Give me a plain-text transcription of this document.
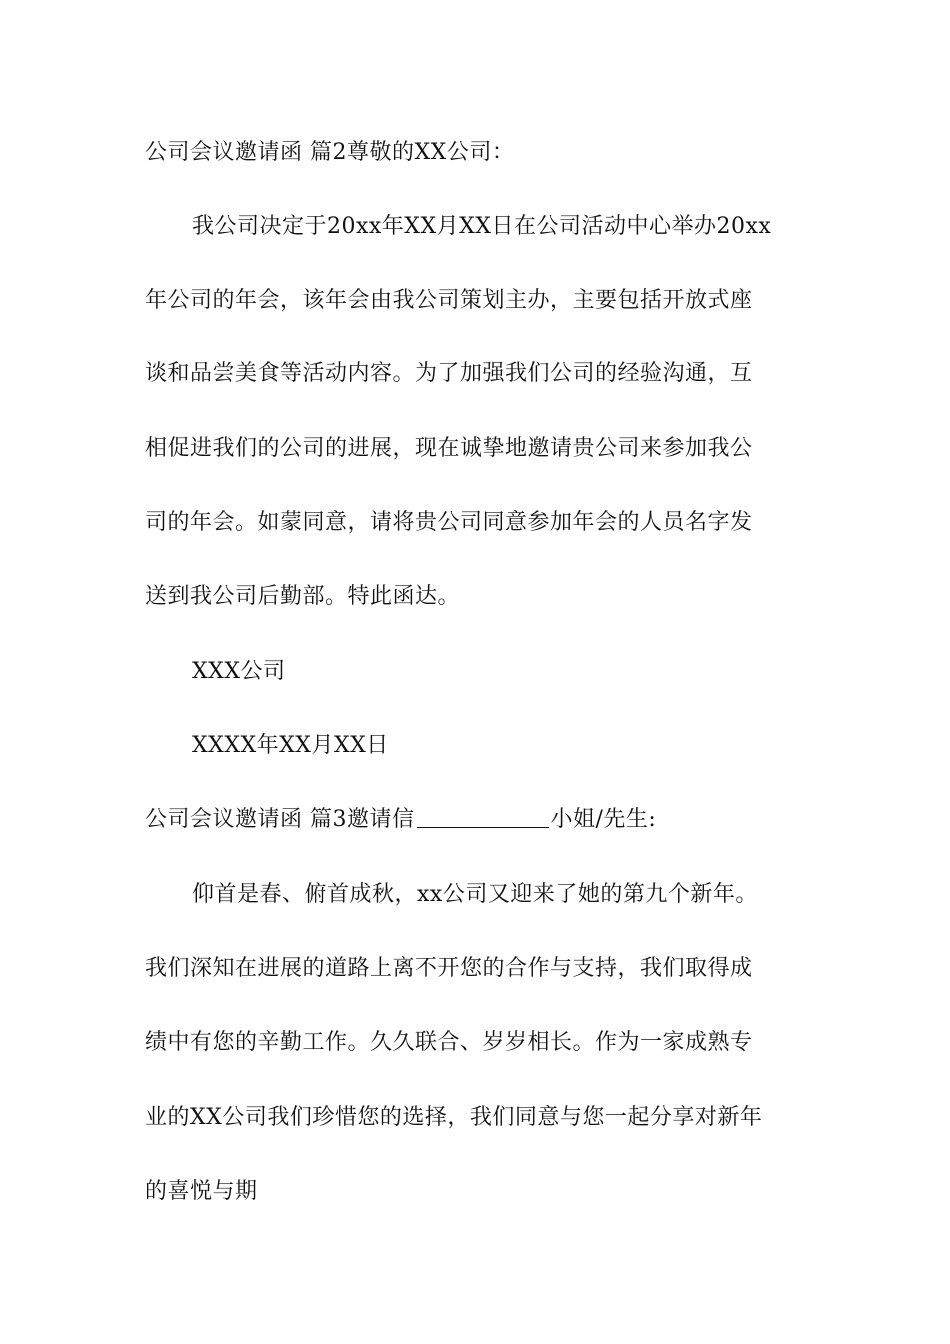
公司会议邀请函 篇2尊敬的XX公司：
我公司决定于20xx年XX月XX日在公司活动中心举办20xx
年公司的年会，该年会由我公司策划主办，主要包括开放式座
谈和品尝美食等活动内容。为了加强我们公司的经验沟通，互
相促进我们的公司的进展，现在诚挚地邀请贵公司来参加我公
司的年会。如蒙同意，请将贵公司同意参加年会的人员名字发
送到我公司后勤部。特此函达。
XXX公司
XXXX年XX月XX日
公司会议邀请函 篇3邀请信	小姐/先生:
仰首是春、俯首成秋，xx公司又迎来了她的第九个新年。
我们深知在进展的道路上离不开您的合作与支持，我们取得成
绩中有您的辛勤工作。久久联合、岁岁相长。作为一家成熟专
业的XX公司我们珍惜您的选择，我们同意与您一起分享对新年
的喜悦与期
